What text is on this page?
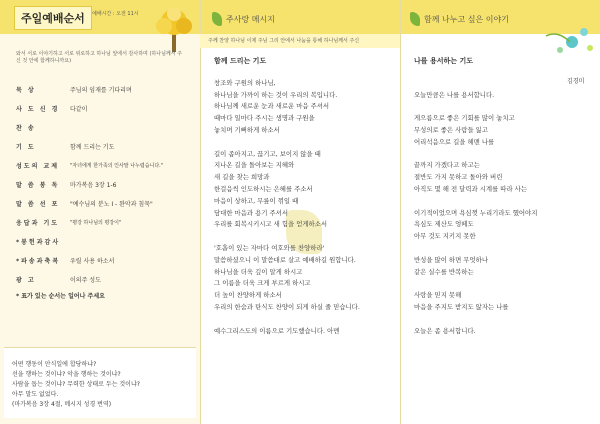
주일예배순서	예배시간 : 오전 11시
와서 서로 이야기하고 서로 위로하고 하나님 앞에서 감사하며 (하나님께서 주신 것 안에 함께하니까요)
묵 상	주님의 임재를 기다리며
사 도 신 경	다같이
찬 송
기 도	함께 드리는 기도
성도의 교제	"자녀에게 한가족의 인사말 나누렵습니다."
말 씀 봉 독	마가복음 3장 1-6
말 씀 선 포	"예수님의 분노 I - 완악과 침묵"
응답과 기도	"평강 하나님의 평강이"
*봉헌과감사
*파송과축복	우릴 사용 하소서
광 고	이의주 성도
* 표가 있는 순서는 일어나 주세요
어떤 행동이 안식일에 합당하냐?
선을 행하는 것이냐? 악을 행하는 것이냐?
사람을 돕는 것이냐? 무력한 상태로 두는 것이냐?
아무 말도 없었다.
(마가복음 3장 4절, 메시지 성경 번역)
주사랑 메시지
주께 찬양 하나님 이제 주님 그리 안에서 나눔을 통해 하나님께서 주신
함께 드리는 기도
창조와 구원의 하나님,
하나님을 가까이 하는 것이 우리의 복입니다.
하나님께 새로운 눈과 새로운 마음 주셔서
때마다 일마다 주시는 생명과 구원을
놓치며 기뻐하게 하소서
길이 좁아지고, 끊기고, 보이지 않을 때
지나온 길을 돌아보는 지혜와
새 길을 찾는 희망과
한걸음씩 인도하시는 은혜를 주소서
마음이 상하고, 무릎이 꺾일 때
담대한 마음과 용기 주셔서
우리를 회복시키시고 새 힘을 얻게하소서
'호흡이 있는 자마다 여호와를 찬양하라'
말씀하셨으니 이 말씀대로 살고 예배하길 원합니다.
하나님을 더욱 깊이 알게 하시고
그 이름을 더욱 크게 부르게 하시고
더 높이 찬양하게 하소서
우리의 한숨과 탄식도 찬양이 되게 하실 줄 믿습니다.
예수그리스도의 이름으로 기도했습니다. 아멘
함께 나누고 싶은 이야기
나를 용서하는 기도
오늘만큼은 나를 용서합니다.
게으름으로 좋은 기회를 많이 놓치고
무성의로 좋은 사람들 잃고
어리석음으로 길을 헤맨 나를
끝까지 가겠다고 하고는
절반도 가지 못하고 돌아와 버린
아직도 몇 해 전 달력과 시계를 따라 사는
이기적이었으며 욕심껏 누리기라도 헸어야지
욕심도 제산도 엉떼도
아무 것도 지키지 못한
반성을 많이 하면 무엇하나
같은 실수를 반복하는
사랑을 믿지 못해
마음을 주지도 받지도 않자는 나를
오늘은 좀 용서합니다.
김경미
